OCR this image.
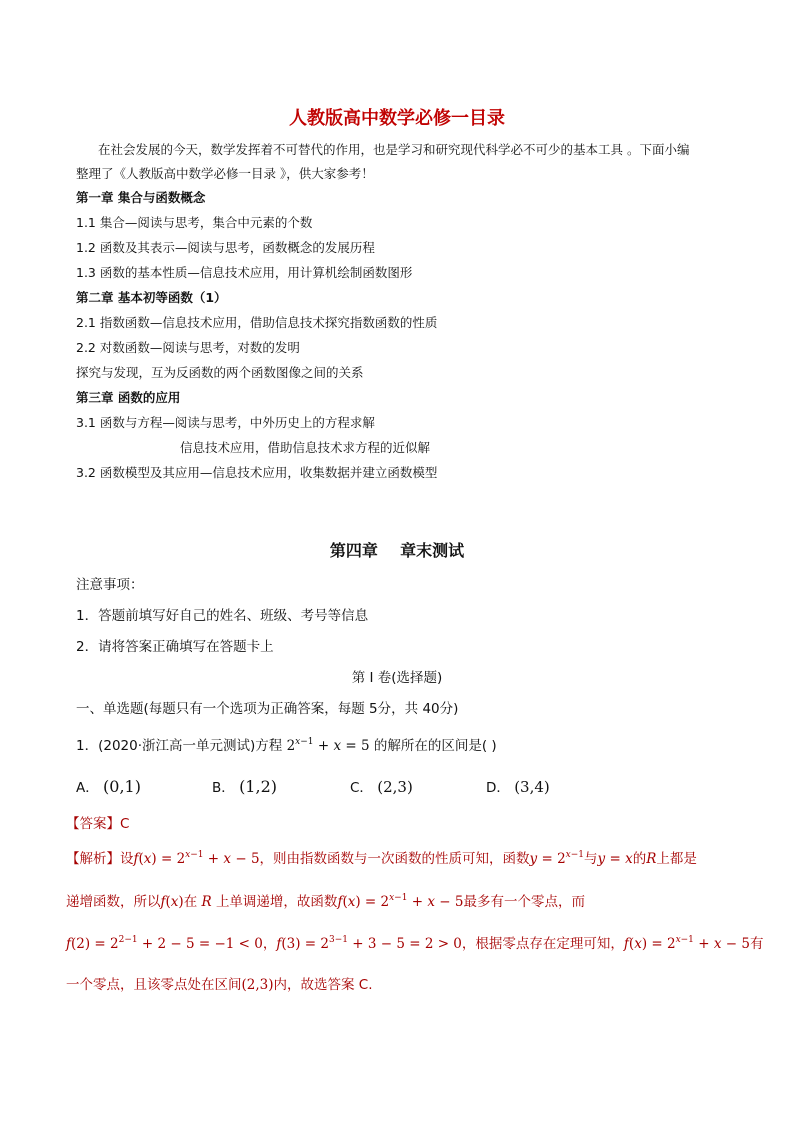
人教版高中数学必修一目录
在社会发展的今天，数学发挥着不可替代的作用，也是学习和研究现代科学必不可少的基本工具 。下面小编
整理了《人教版高中数学必修一目录 》，供大家参考！
第一章 集合与函数概念
1.1 集合—阅读与思考，集合中元素的个数
1.2 函数及其表示—阅读与思考，函数概念的发展历程
1.3 函数的基本性质—信息技术应用，用计算机绘制函数图形
第二章 基本初等函数（1）
2.1 指数函数—信息技术应用，借助信息技术探究指数函数的性质
2.2 对数函数—阅读与思考，对数的发明
探究与发现，互为反函数的两个函数图像之间的关系
第三章 函数的应用
3.1 函数与方程—阅读与思考，中外历史上的方程求解
信息技术应用，借助信息技术求方程的近似解
3.2 函数模型及其应用—信息技术应用，收集数据并建立函数模型
第四章    章末测试
注意事项：
1．答题前填写好自己的姓名、班级、考号等信息
2．请将答案正确填写在答题卡上
第 I 卷(选择题)
一、单选题(每题只有一个选项为正确答案，每题 5分，共 40分)
1．(2020·浙江高一单元测试)方程 $2^{x-1} + x = 5$ 的解所在的区间是( )
A． (0,1)	B． (1,2)	C． (2,3)	D． (3,4)
【答案】C
【解析】设$f(x) = 2^{x-1} + x - 5$，则由指数函数与一次函数的性质可知，函数$y = 2^{x-1}$与y = x的R上都是
递增函数，所以f(x)在 R 上单调递增，故函数$f(x) = 2^{x-1} + x - 5$最多有一个零点，而
$f(2) = 2^{2-1} + 2 - 5 = -1 < 0$，$f(3) = 2^{3-1} + 3 - 5 = 2 > 0$，根据零点存在定理可知，$f(x) = 2^{x-1} + x - 5$有
一个零点，且该零点处在区间(2,3)内，故选答案 C.
